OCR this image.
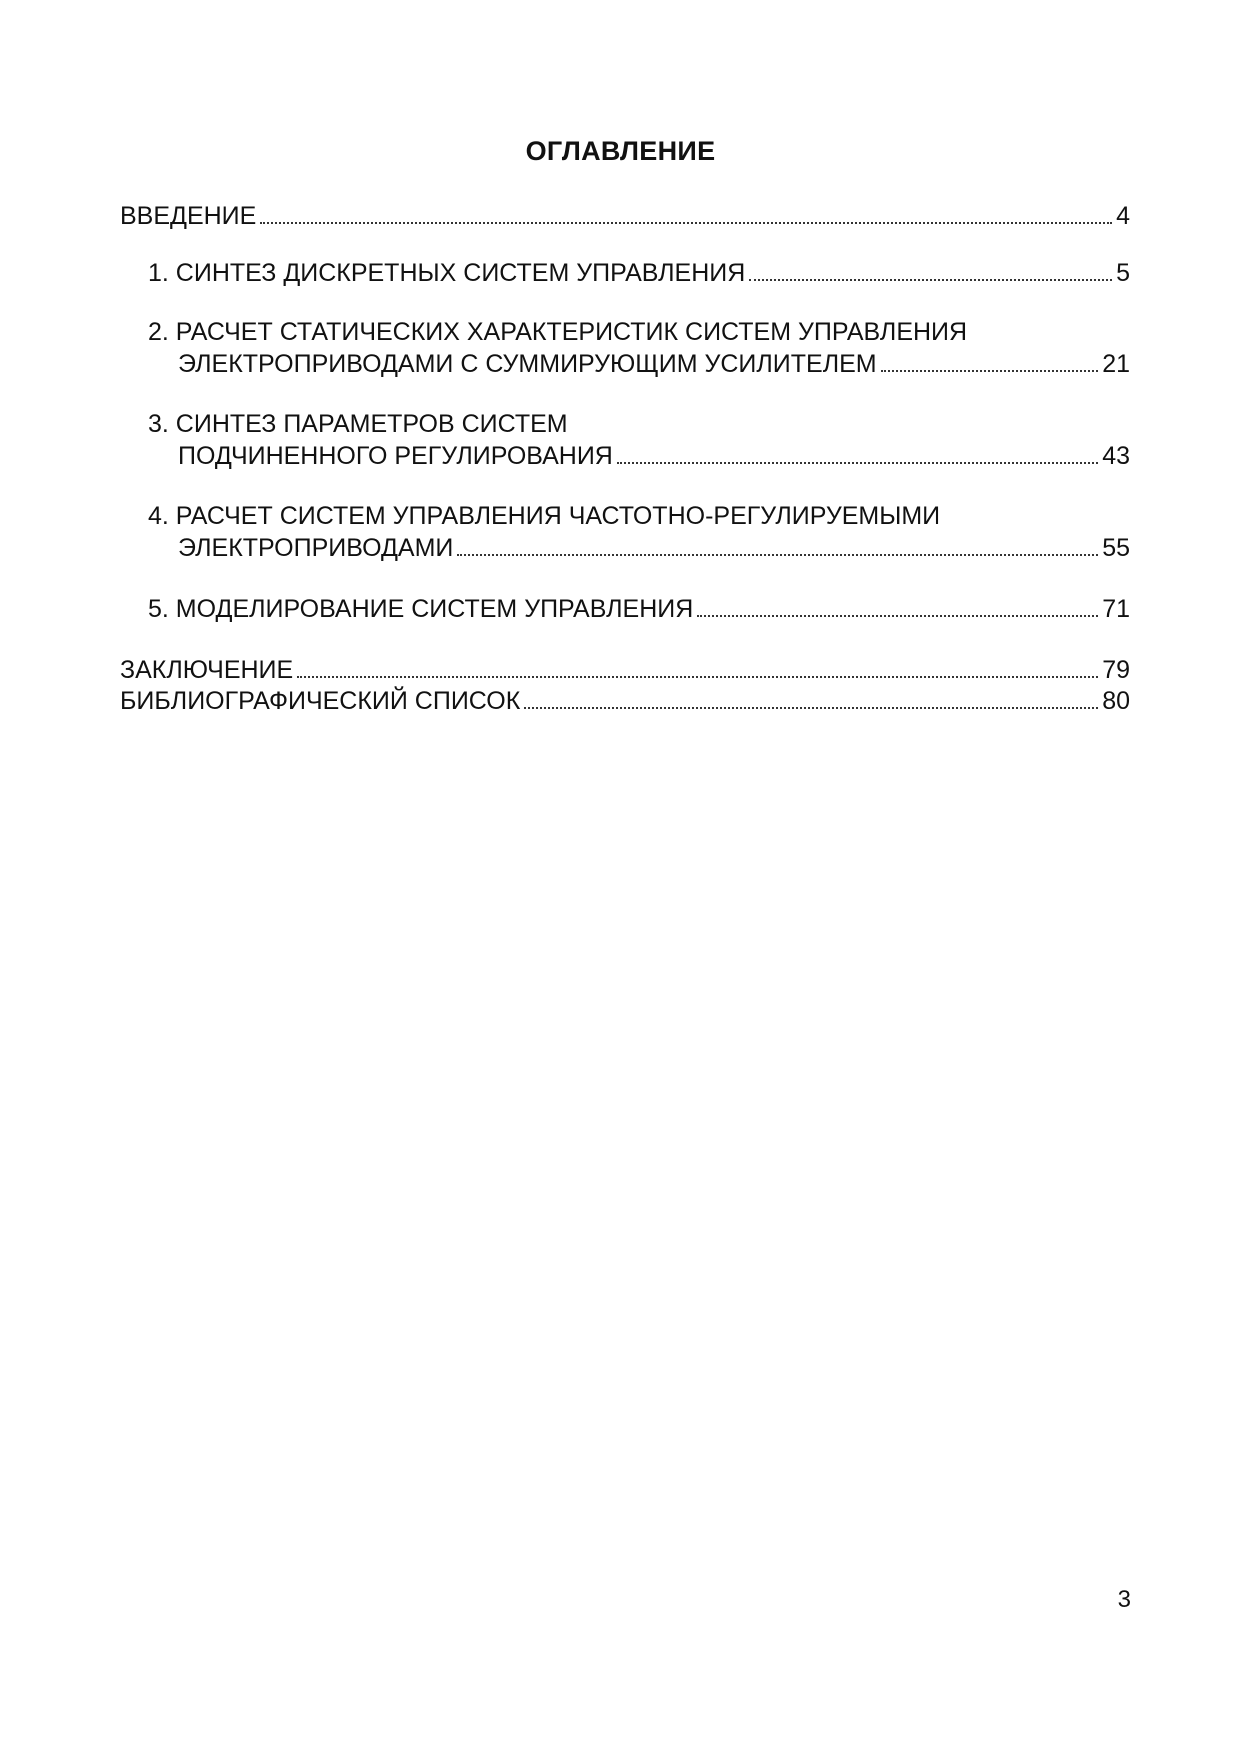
ОГЛАВЛЕНИЕ
ВВЕДЕНИЕ	4
1. СИНТЕЗ ДИСКРЕТНЫХ СИСТЕМ УПРАВЛЕНИЯ	5
2. РАСЧЕТ СТАТИЧЕСКИХ ХАРАКТЕРИСТИК СИСТЕМ УПРАВЛЕНИЯ
ЭЛЕКТРОПРИВОДАМИ С СУММИРУЮЩИМ УСИЛИТЕЛЕМ	21
3. СИНТЕЗ ПАРАМЕТРОВ СИСТЕМ
ПОДЧИНЕННОГО РЕГУЛИРОВАНИЯ	43
4. РАСЧЕТ СИСТЕМ УПРАВЛЕНИЯ ЧАСТОТНО-РЕГУЛИРУЕМЫМИ
ЭЛЕКТРОПРИВОДАМИ	55
5. МОДЕЛИРОВАНИЕ СИСТЕМ УПРАВЛЕНИЯ	71
ЗАКЛЮЧЕНИЕ	79
БИБЛИОГРАФИЧЕСКИЙ СПИСОК	80
3
